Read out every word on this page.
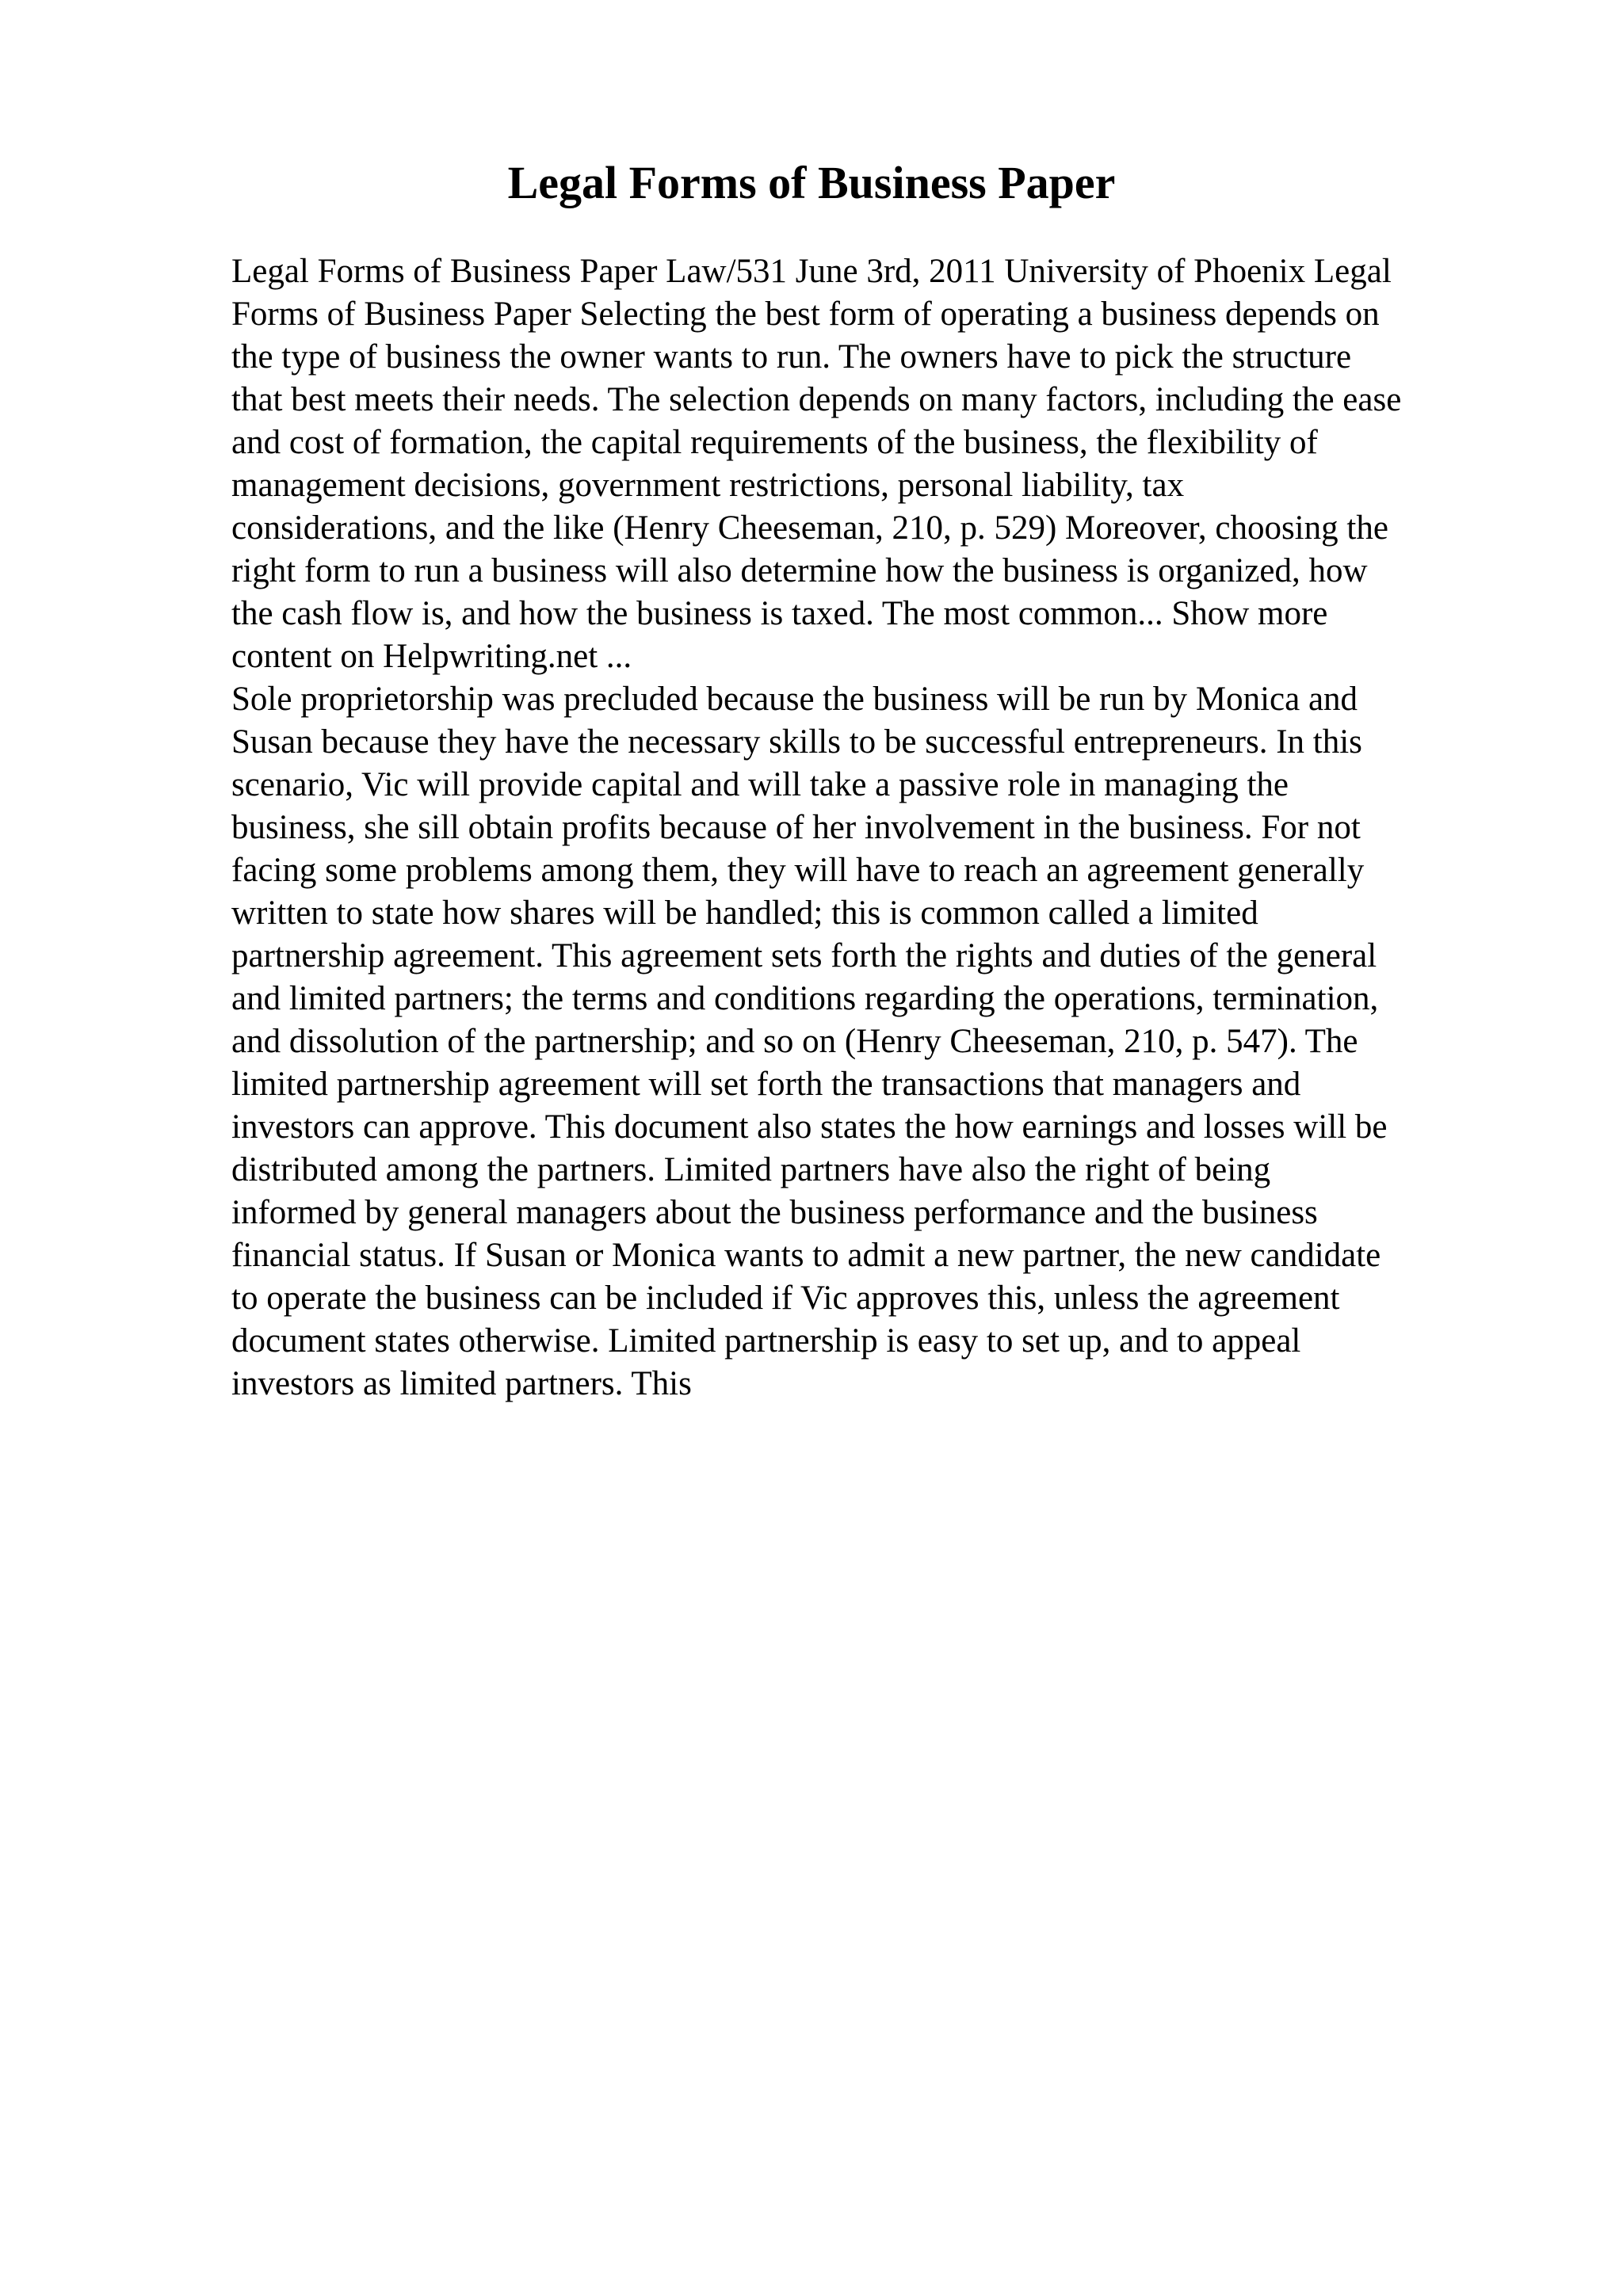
Legal Forms of Business Paper
Legal Forms of Business Paper Law/531 June 3rd, 2011 University of Phoenix Legal
Forms of Business Paper Selecting the best form of operating a business depends on
the type of business the owner wants to run. The owners have to pick the structure
that best meets their needs. The selection depends on many factors, including the ease
and cost of formation, the capital requirements of the business, the flexibility of
management decisions, government restrictions, personal liability, tax
considerations, and the like (Henry Cheeseman, 210, p. 529) Moreover, choosing the
right form to run a business will also determine how the business is organized, how
the cash flow is, and how the business is taxed. The most common... Show more
content on Helpwriting.net ...
Sole proprietorship was precluded because the business will be run by Monica and
Susan because they have the necessary skills to be successful entrepreneurs. In this
scenario, Vic will provide capital and will take a passive role in managing the
business, she sill obtain profits because of her involvement in the business. For not
facing some problems among them, they will have to reach an agreement generally
written to state how shares will be handled; this is common called a limited
partnership agreement. This agreement sets forth the rights and duties of the general
and limited partners; the terms and conditions regarding the operations, termination,
and dissolution of the partnership; and so on (Henry Cheeseman, 210, p. 547). The
limited partnership agreement will set forth the transactions that managers and
investors can approve. This document also states the how earnings and losses will be
distributed among the partners. Limited partners have also the right of being
informed by general managers about the business performance and the business
financial status. If Susan or Monica wants to admit a new partner, the new candidate
to operate the business can be included if Vic approves this, unless the agreement
document states otherwise. Limited partnership is easy to set up, and to appeal
investors as limited partners. This
